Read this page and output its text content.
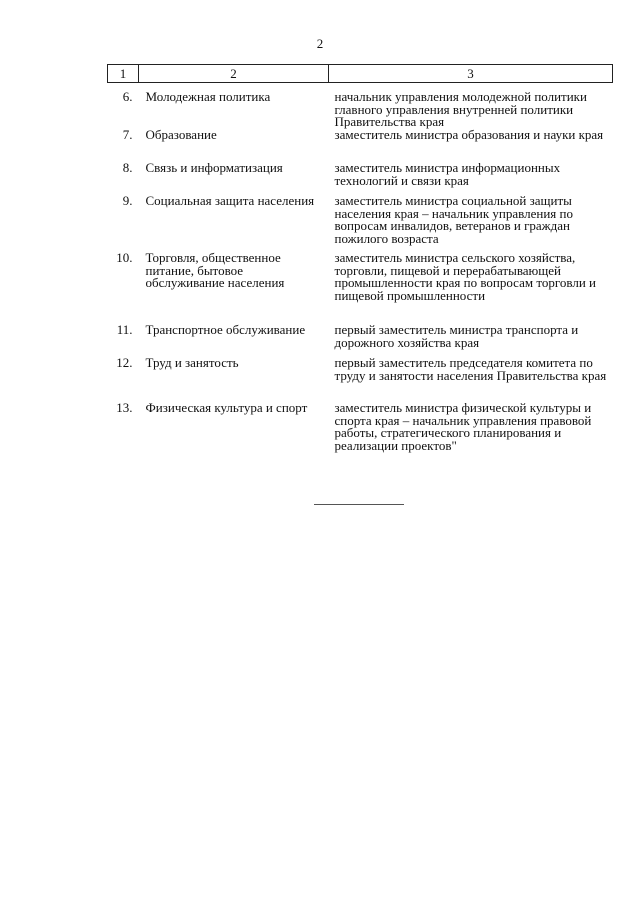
2
1	2	3
6.	Молодежная политика	начальник управления молодежной политики главного управления внутренней политики Правительства края
7.	Образование	заместитель министра образования и науки края
8.	Связь и информатизация	заместитель министра информационных технологий и связи края
9.	Социальная защита населения	заместитель министра социальной защиты населения края – начальник управления по вопросам инвалидов, ветеранов и граждан пожилого возраста
10.	Торговля, общественное питание, бытовое обслуживание населения	заместитель министра сельского хозяйства, торговли, пищевой и перерабатывающей промышленности края по вопросам торговли и пищевой промышленности
11.	Транспортное обслуживание	первый заместитель министра транспорта и дорожного хозяйства края
12.	Труд и занятость	первый заместитель председателя комитета по труду и занятости населения Правительства края
13.	Физическая культура и спорт	заместитель министра физической культуры и спорта края – начальник управления правовой работы, стратегического планирования и реализации проектов"
